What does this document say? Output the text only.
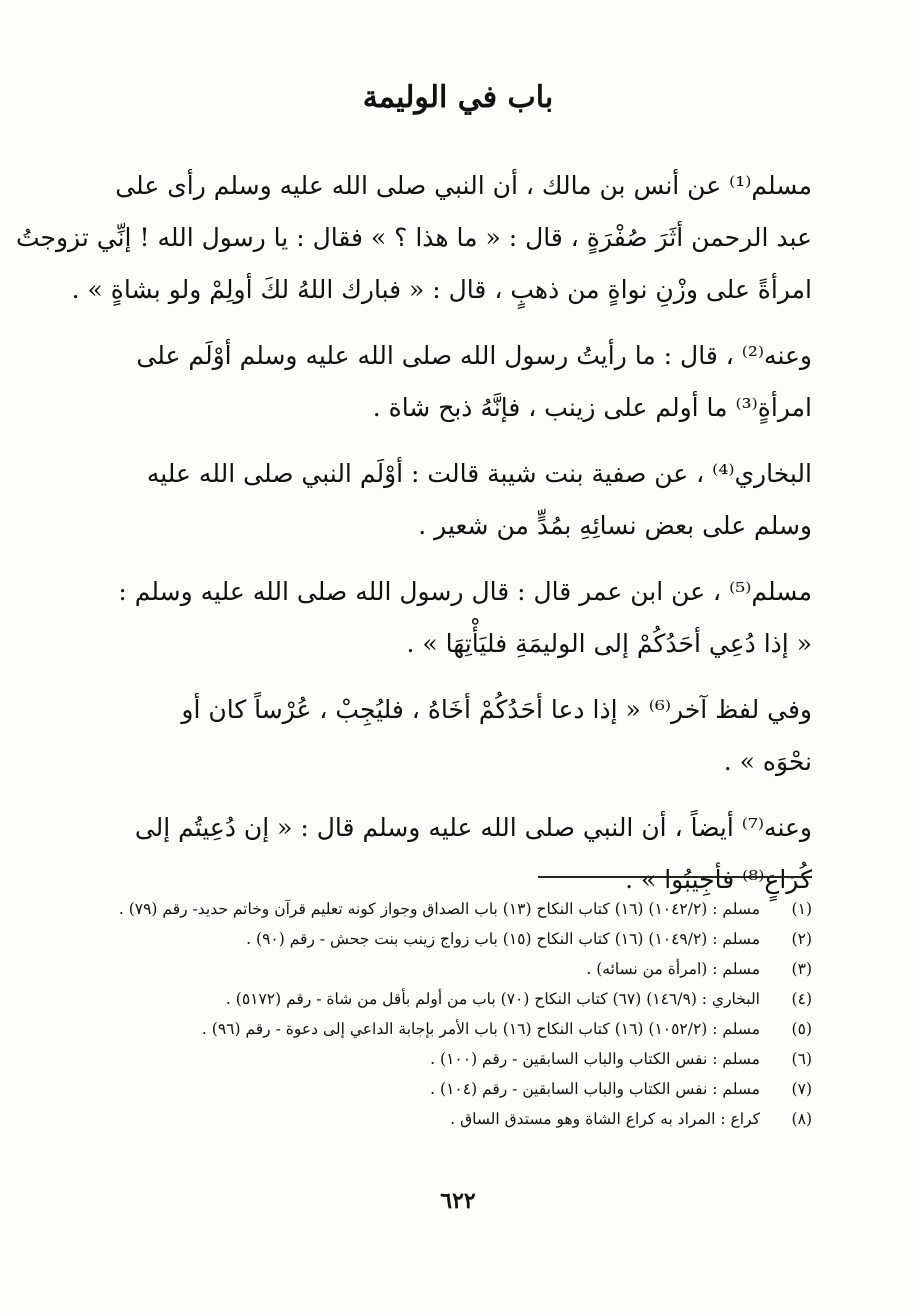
باب في الوليمة

مسلم⁽¹⁾ عن أنس بن مالك ، أن النبي صلى الله عليه وسلم رأى على
عبد الرحمن أثَرَ صُفْرَةٍ ، قال : « ما هذا ؟ » فقال : يا رسول الله ! إنِّي تزوجتُ
امرأةً على وزْنِ نواةٍ من ذهبٍ ، قال : « فبارك اللهُ لكَ أولِمْ ولو بشاةٍ » .

وعنه⁽²⁾ ، قال : ما رأيتُ رسول الله صلى الله عليه وسلم أوْلَم على
امرأةٍ⁽³⁾ ما أولم على زينب ، فإنَّهُ ذبح شاة .

البخاري⁽⁴⁾ ، عن صفية بنت شيبة قالت : أوْلَم النبي صلى الله عليه
وسلم على بعض نسائِهِ بمُدٍّ من شعير .

مسلم⁽⁵⁾ ، عن ابن عمر قال : قال رسول الله صلى الله عليه وسلم :
« إذا دُعِي أحَدُكُمْ إلى الوليمَةِ فليَأْتِهَا » .

وفي لفظ آخر⁽⁶⁾ « إذا دعا أحَدُكُمْ أخَاهُ ، فليُجِبْ ، عُرْساً كان أو
نحْوَه » .

وعنه⁽⁷⁾ أيضاً ، أن النبي صلى الله عليه وسلم قال : « إن دُعِيتُم إلى
كُرَاعٍ⁽⁸⁾ فأجِيبُوا » .

(١)
مسلم : (١٠٤٢/٢) (١٦) كتاب النكاح (١٣) باب الصداق وجواز كونه تعليم قرآن وخاتم حديد- رقم (٧٩) .
(٢)
مسلم : (١٠٤٩/٢) (١٦) كتاب النكاح (١٥) باب زواج زينب بنت جحش - رقم (٩٠) .
(٣)
مسلم : (امرأة من نسائه) .
(٤)
البخاري : (١٤٦/٩) (٦٧) كتاب النكاح (٧٠) باب من أولم بأقل من شاة - رقم (٥١٧٢) .
(٥)
مسلم : (١٠٥٢/٢) (١٦) كتاب النكاح (١٦) باب الأمر بإجابة الداعي إلى دعوة - رقم (٩٦) .
(٦)
مسلم : نفس الكتاب والباب السابقين - رقم (١٠٠) .
(٧)
مسلم : نفس الكتاب والباب السابقين - رقم (١٠٤) .
(٨)
كراع : المراد به كراع الشاة وهو مستدق الساق .
٦٢٢
